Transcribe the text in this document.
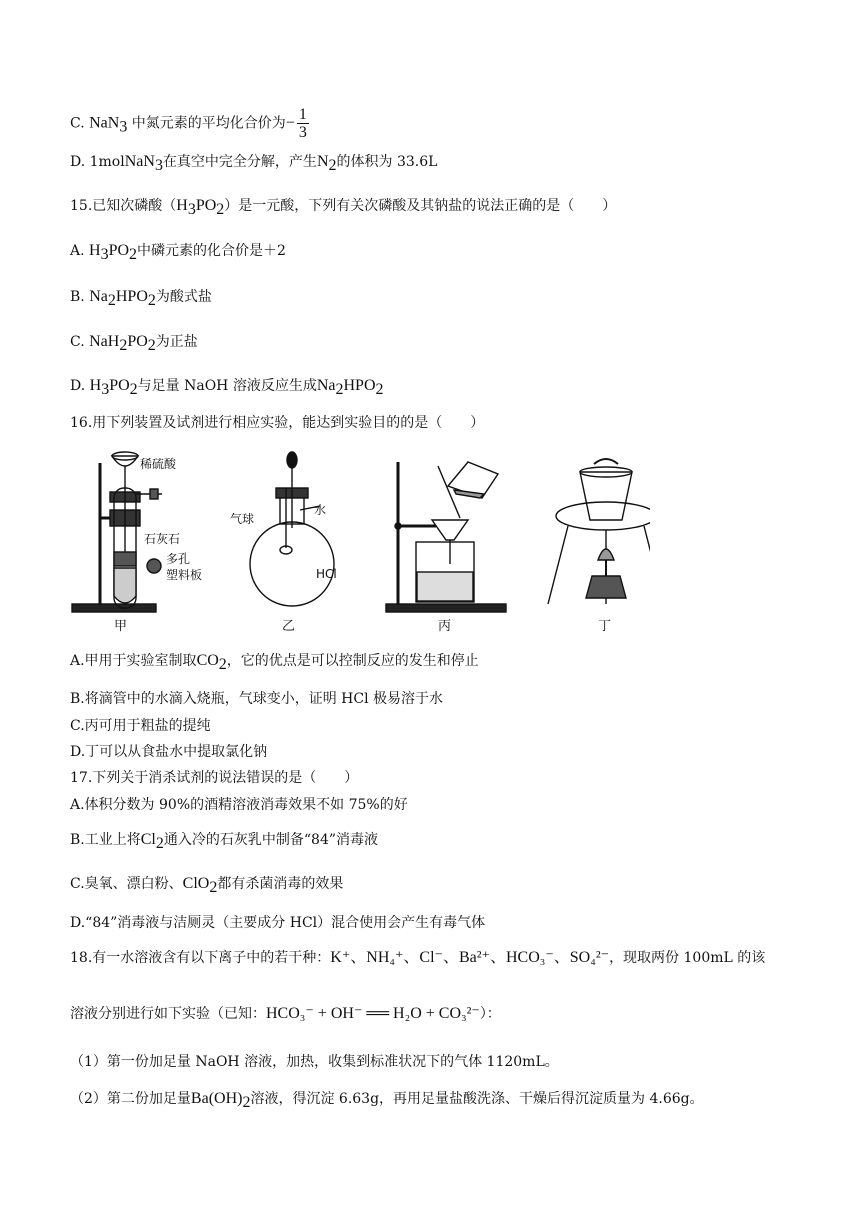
C. NaN$_3$ 中氮元素的平均化合价为− $\frac{1}{3}$
D. 1molNaN$_3$在真空中完全分解，产生$N_2$的体积为 33.6L
15.已知次磷酸$(H_3PO_2)$是一元酸，下列有关次磷酸及其钠盐的说法正确的是（　　）
A. $H_3PO_2$中磷元素的化合价是＋2
B. $Na_2HPO_2$为酸式盐
C. $NaH_2PO_2$为正盐
D. $H_3PO_2$与足量 NaOH 溶液反应生成$Na_2HPO_2$
16.用下列装置及试剂进行相应实验，能达到实验目的的是（　　）
稀硫酸
石灰石
多孔
塑料板
甲
气球
水
HCl
乙	丙	丁
A.甲用于实验室制取$CO_2$，它的优点是可以控制反应的发生和停止
B.将滴管中的水滴入烧瓶，气球变小，证明 HCl 极易溶于水
C.丙可用于粗盐的提纯
D.丁可以从食盐水中提取氯化钠
17.下列关于消杀试剂的说法错误的是（　　）
A.体积分数为 90%的酒精溶液消毒效果不如 75%的好
B.工业上将$Cl_2$通入冷的石灰乳中制备“84”消毒液
C.臭氧、漂白粉、ClO$_2$都有杀菌消毒的效果
D.“84”消毒液与洁厕灵（主要成分 HCl）混合使用会产生有毒气体
18.有一水溶液含有以下离子中的若干种：K⁺、NH₄⁺、Cl⁻、Ba²⁺、HCO₃⁻、SO₄²⁻，现取两份 100mL 的该
溶液分别进行如下实验（已知：HCO₃⁻ + OH⁻ ══ H₂O + CO₃²⁻）：
（1）第一份加足量 NaOH 溶液，加热，收集到标准状况下的气体 1120mL。
（2）第二份加足量$Ba(OH)_2$溶液，得沉淀 6.63g，再用足量盐酸洗涤、干燥后得沉淀质量为 4.66g。
